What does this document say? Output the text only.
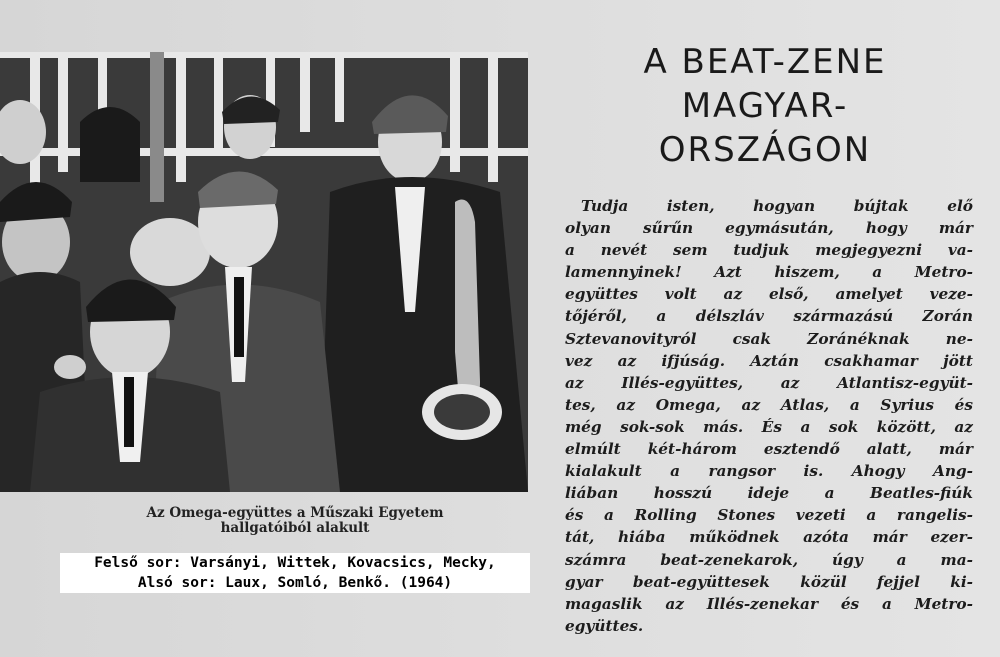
Az Omega-együttes a Műszaki Egyetem
hallgatóiból alakult
Felső sor: Varsányi, Wittek, Kovacsics, Mecky,
Alsó sor: Laux, Somló, Benkő. (1964)
A BEAT-ZENE
MAGYAR-
ORSZÁGON
Tudja isten, hogyan bújtak elő
olyan sűrűn egymásután, hogy már
a nevét sem tudjuk megjegyezni va-
lamennyinek! Azt hiszem, a Metro-
együttes volt az első, amelyet veze-
tőjéről, a délszláv származású Zorán
Sztevanovityról csak Zoránéknak ne-
vez az ifjúság. Aztán csakhamar jött
az Illés-együttes, az Atlantisz-együt-
tes, az Omega, az Atlas, a Syrius és
még sok-sok más. És a sok között, az
elmúlt két-három esztendő alatt, már
kialakult a rangsor is. Ahogy Ang-
liában hosszú ideje a Beatles-fiúk
és a Rolling Stones vezeti a rangelis-
tát, hiába működnek azóta már ezer-
számra beat-zenekarok, úgy a ma-
gyar beat-együttesek közül fejjel ki-
magaslik az Illés-zenekar és a Metro-
együttes.
